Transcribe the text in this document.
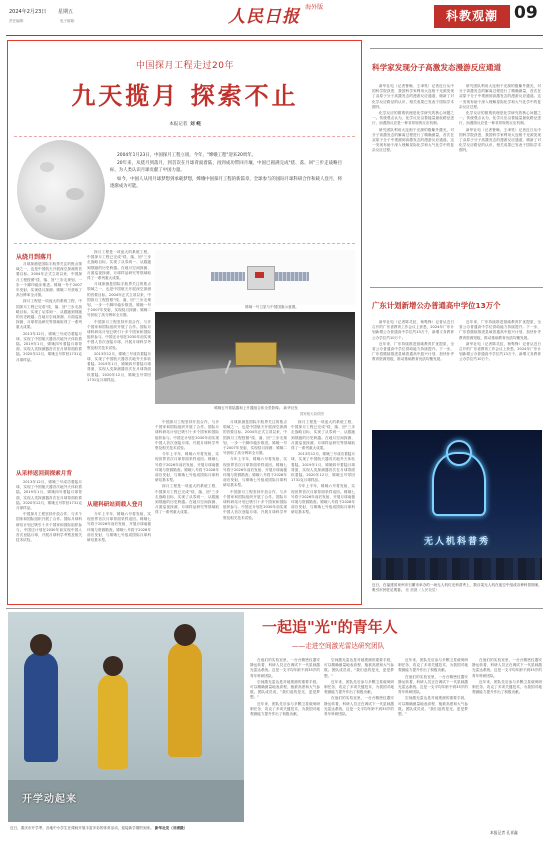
2024年2月23日 星期五
责任编辑：	电子邮箱：	人民日报 $^{海外版}$
科教观潮 09
中国探月工程走过20年
九天揽月 探索不止
本报记者 刘 峣

2004年1月23日，中国探月工程立项，今年，"嫦娥工程"迎来20周年。

20年来，从绕月到落月，到首次在月球背面着陆，再到成功带回月壤，中国已圆满完成"绕、落、回"三步走战略目标，为人类认识月球贡献了中国力量。

如今，中国人从用月球梦想到承载梦想，嫦娥中国探月工程的新篇章，全球参与的国际月球科研合作和载人登月，将逐渐成为可能。

从绕月到落月

月球探测是国际宇航界关注的焦点领域之一，也是中国航天开展深空探测的首要目标。2004年正式立项以来，中国探月工程按照"绕、落、回"三步走规划，一步一个脚印稳步推进。嫦娥一号于2007年发射，实现绕月探测；嫦娥二号获取了高分辨率全月图。

探月工程是一项庞大的系统工程，中国探月工程已完成"绕、落、回"三步走战略目标，实现了从零到一、从跟跑到领跑的历史跨越。在地月空间探测、月面巡视探测、月球样品研究等领域取得了一系列重大成果。

2013年12月，嫦娥三号成功着陆月球，实现了中国航天器首次地外天体软着陆。2019年1月，嫦娥四号着陆月球背面，实现人类探测器首次在月球背面软着陆。2020年12月，嫦娥五号带回1731克月球样品。

从采样返回到探索月背

2013年12月，嫦娥三号成功着陆月球，实现了中国航天器首次地外天体软着陆。2019年1月，嫦娥四号着陆月球背面，实现人类探测器首次在月球背面软着陆。2020年12月，嫦娥五号带回1731克月球样品。

中国探月工程坚持开放合作，与多个国家和国际组织开展了合作。国际月球科研站计划已吸引十多个国家和国际组织参与。中国还计划在2030年前实现中国人首次登陆月球，开展月球科学考察及相关技术试验。

探月工程是一项庞大的系统工程，中国探月工程已完成"绕、落、回"三步走战略目标，实现了从零到一、从跟跑到领跑的历史跨越。在地月空间探测、月面巡视探测、月球样品研究等领域取得了一系列重大成果。

月球探测是国际宇航界关注的焦点领域之一，也是中国航天开展深空探测的首要目标。2004年正式立项以来，中国探月工程按照"绕、落、回"三步走规划，一步一个脚印稳步推进。嫦娥一号于2007年发射，实现绕月探测；嫦娥二号获取了高分辨率全月图。

中国探月工程坚持开放合作，与多个国家和国际组织开展了合作。国际月球科研站计划已吸引十多个国家和国际组织参与。中国还计划在2030年前实现中国人首次登陆月球，开展月球科学考察及相关技术试验。

2013年12月，嫦娥三号成功着陆月球，实现了中国航天器首次地外天体软着陆。2019年1月，嫦娥四号着陆月球背面，实现人类探测器首次在月球背面软着陆。2020年12月，嫦娥五号带回1731克月球样品。

从建科研站到载人登月

今年上半年，嫦娥六号将发射，实现世界首次月球背面采样返回。嫦娥七号将于2026年前后发射，开展月球南极环境与资源勘查。嫦娥八号将于2028年前后发射，与嫦娥七号组成国际月球科研站基本型。

嫦娥一号卫星与中国国旗示意图。
嫦娥五号着陆器和上升器组合体全景影像。 新华社发
国家航天局供图

中国探月工程坚持开放合作，与多个国家和国际组织开展了合作。国际月球科研站计划已吸引十多个国家和国际组织参与。中国还计划在2030年前实现中国人首次登陆月球，开展月球科学考察及相关技术试验。

今年上半年，嫦娥六号将发射，实现世界首次月球背面采样返回。嫦娥七号将于2026年前后发射，开展月球南极环境与资源勘查。嫦娥八号将于2028年前后发射，与嫦娥七号组成国际月球科研站基本型。

探月工程是一项庞大的系统工程，中国探月工程已完成"绕、落、回"三步走战略目标，实现了从零到一、从跟跑到领跑的历史跨越。在地月空间探测、月面巡视探测、月球样品研究等领域取得了一系列重大成果。

月球探测是国际宇航界关注的焦点领域之一，也是中国航天开展深空探测的首要目标。2004年正式立项以来，中国探月工程按照"绕、落、回"三步走规划，一步一个脚印稳步推进。嫦娥一号于2007年发射，实现绕月探测；嫦娥二号获取了高分辨率全月图。

今年上半年，嫦娥六号将发射，实现世界首次月球背面采样返回。嫦娥七号将于2026年前后发射，开展月球南极环境与资源勘查。嫦娥八号将于2028年前后发射，与嫦娥七号组成国际月球科研站基本型。

中国探月工程坚持开放合作，与多个国家和国际组织开展了合作。国际月球科研站计划已吸引十多个国家和国际组织参与。中国还计划在2030年前实现中国人首次登陆月球，开展月球科学考察及相关技术试验。

探月工程是一项庞大的系统工程，中国探月工程已完成"绕、落、回"三步走战略目标，实现了从零到一、从跟跑到领跑的历史跨越。在地月空间探测、月面巡视探测、月球样品研究等领域取得了一系列重大成果。

2013年12月，嫦娥三号成功着陆月球，实现了中国航天器首次地外天体软着陆。2019年1月，嫦娥四号着陆月球背面，实现人类探测器首次在月球背面软着陆。2020年12月，嫦娥五号带回1731克月球样品。

今年上半年，嫦娥六号将发射，实现世界首次月球背面采样返回。嫦娥七号将于2026年前后发射，开展月球南极环境与资源勘查。嫦娥八号将于2028年前后发射，与嫦娥七号组成国际月球科研站基本型。

科学家发现分子高激发态漫游反应通道

新华社电（记者鲁畅、王聿昊）记者近日从中国科学院获悉，我国科学家利用大连相干光源发现了双原子分子高激发态的漫游反应通道，刷新了对化学反应路径的认识，相关成果已发表于国际学术期刊。

化学反应的微观机理是化学研究的核心问题之一。传统观点认为，化学反应沿着能量最低路径进行，而漫游反应是一种非常规的反应机制。

研究团队利用大连相干光源的极紫外激光，对分子高激发态的解离过程进行了精确测量，首次在双原子分子中观测到高激发态的漫游反应通道。这一发现有助于深入理解星际化学和大气化学中的复杂反应过程。

研究团队利用大连相干光源的极紫外激光，对分子高激发态的解离过程进行了精确测量，首次在双原子分子中观测到高激发态的漫游反应通道。这一发现有助于深入理解星际化学和大气化学中的复杂反应过程。

化学反应的微观机理是化学研究的核心问题之一。传统观点认为，化学反应沿着能量最低路径进行，而漫游反应是一种非常规的反应机制。

新华社电（记者鲁畅、王聿昊）记者近日从中国科学院获悉，我国科学家利用大连相干光源发现了双原子分子高激发态的漫游反应通道，刷新了对化学反应路径的认识，相关成果已发表于国际学术期刊。

广东计划新增公办普通高中学位13万个

新华社电（记者陈灵虹、杨隽锋）记者从近日召开的广东省教育工作会议上获悉，2024年广东计划新增公办普通高中学位约13万个，新增义务教育公办学位约10万个。

近年来，广东持续推进基础教育扩优提质，全省公办普通高中学位供给能力持续提升。下一步，广东将继续推进县域普通高中振兴计划，加快补齐教育资源短板，推动基础教育优质均衡发展。

近年来，广东持续推进基础教育扩优提质，全省公办普通高中学位供给能力持续提升。下一步，广东将继续推进县域普通高中振兴计划，加快补齐教育资源短板，推动基础教育优质均衡发展。

新华社电（记者陈灵虹、杨隽锋）记者从近日召开的广东省教育工作会议上获悉，2024年广东计划新增公办普通高中学位约13万个，新增义务教育公办学位约10万个。

无人机科普秀
近日，在福建省泉州市石狮市举办的一场无人机灯光科普秀上，数百架无人机在夜空中组成各种科普图案，吸引市民驻足观看。 张 晨摄（人民视觉）
一起追"光"的青年人
——走进空间激光雷达研究团队
开学动起来
近日，重庆市开学季，各地中小学生在课间开展丰富多彩的体育活动，迎接新学期的到来。 新华社发（刘勇摄）

在他们的实验室里，一台台精密仪器安静运转着，科研人员正在调试下一代星载激光雷达系统。这是一支平均年龄不到35岁的青年科研团队。

空间激光雷达是对地观测的重要手段，可以精确测量地表高程、植被高度和大气参数。团队成员说，"我们追的是光，更是梦想。"

近年来，团队先后参与多颗卫星载荷研制任务，攻克了多项关键技术，为我国对地观测能力提升作出了积极贡献。

空间激光雷达是对地观测的重要手段，可以精确测量地表高程、植被高度和大气参数。团队成员说，"我们追的是光，更是梦想。"

近年来，团队先后参与多颗卫星载荷研制任务，攻克了多项关键技术，为我国对地观测能力提升作出了积极贡献。

在他们的实验室里，一台台精密仪器安静运转着，科研人员正在调试下一代星载激光雷达系统。这是一支平均年龄不到35岁的青年科研团队。

近年来，团队先后参与多颗卫星载荷研制任务，攻克了多项关键技术，为我国对地观测能力提升作出了积极贡献。

在他们的实验室里，一台台精密仪器安静运转着，科研人员正在调试下一代星载激光雷达系统。这是一支平均年龄不到35岁的青年科研团队。

空间激光雷达是对地观测的重要手段，可以精确测量地表高程、植被高度和大气参数。团队成员说，"我们追的是光，更是梦想。"

在他们的实验室里，一台台精密仪器安静运转着，科研人员正在调试下一代星载激光雷达系统。这是一支平均年龄不到35岁的青年科研团队。

近年来，团队先后参与多颗卫星载荷研制任务，攻克了多项关键技术，为我国对地观测能力提升作出了积极贡献。

本报记者 孔祥鑫
